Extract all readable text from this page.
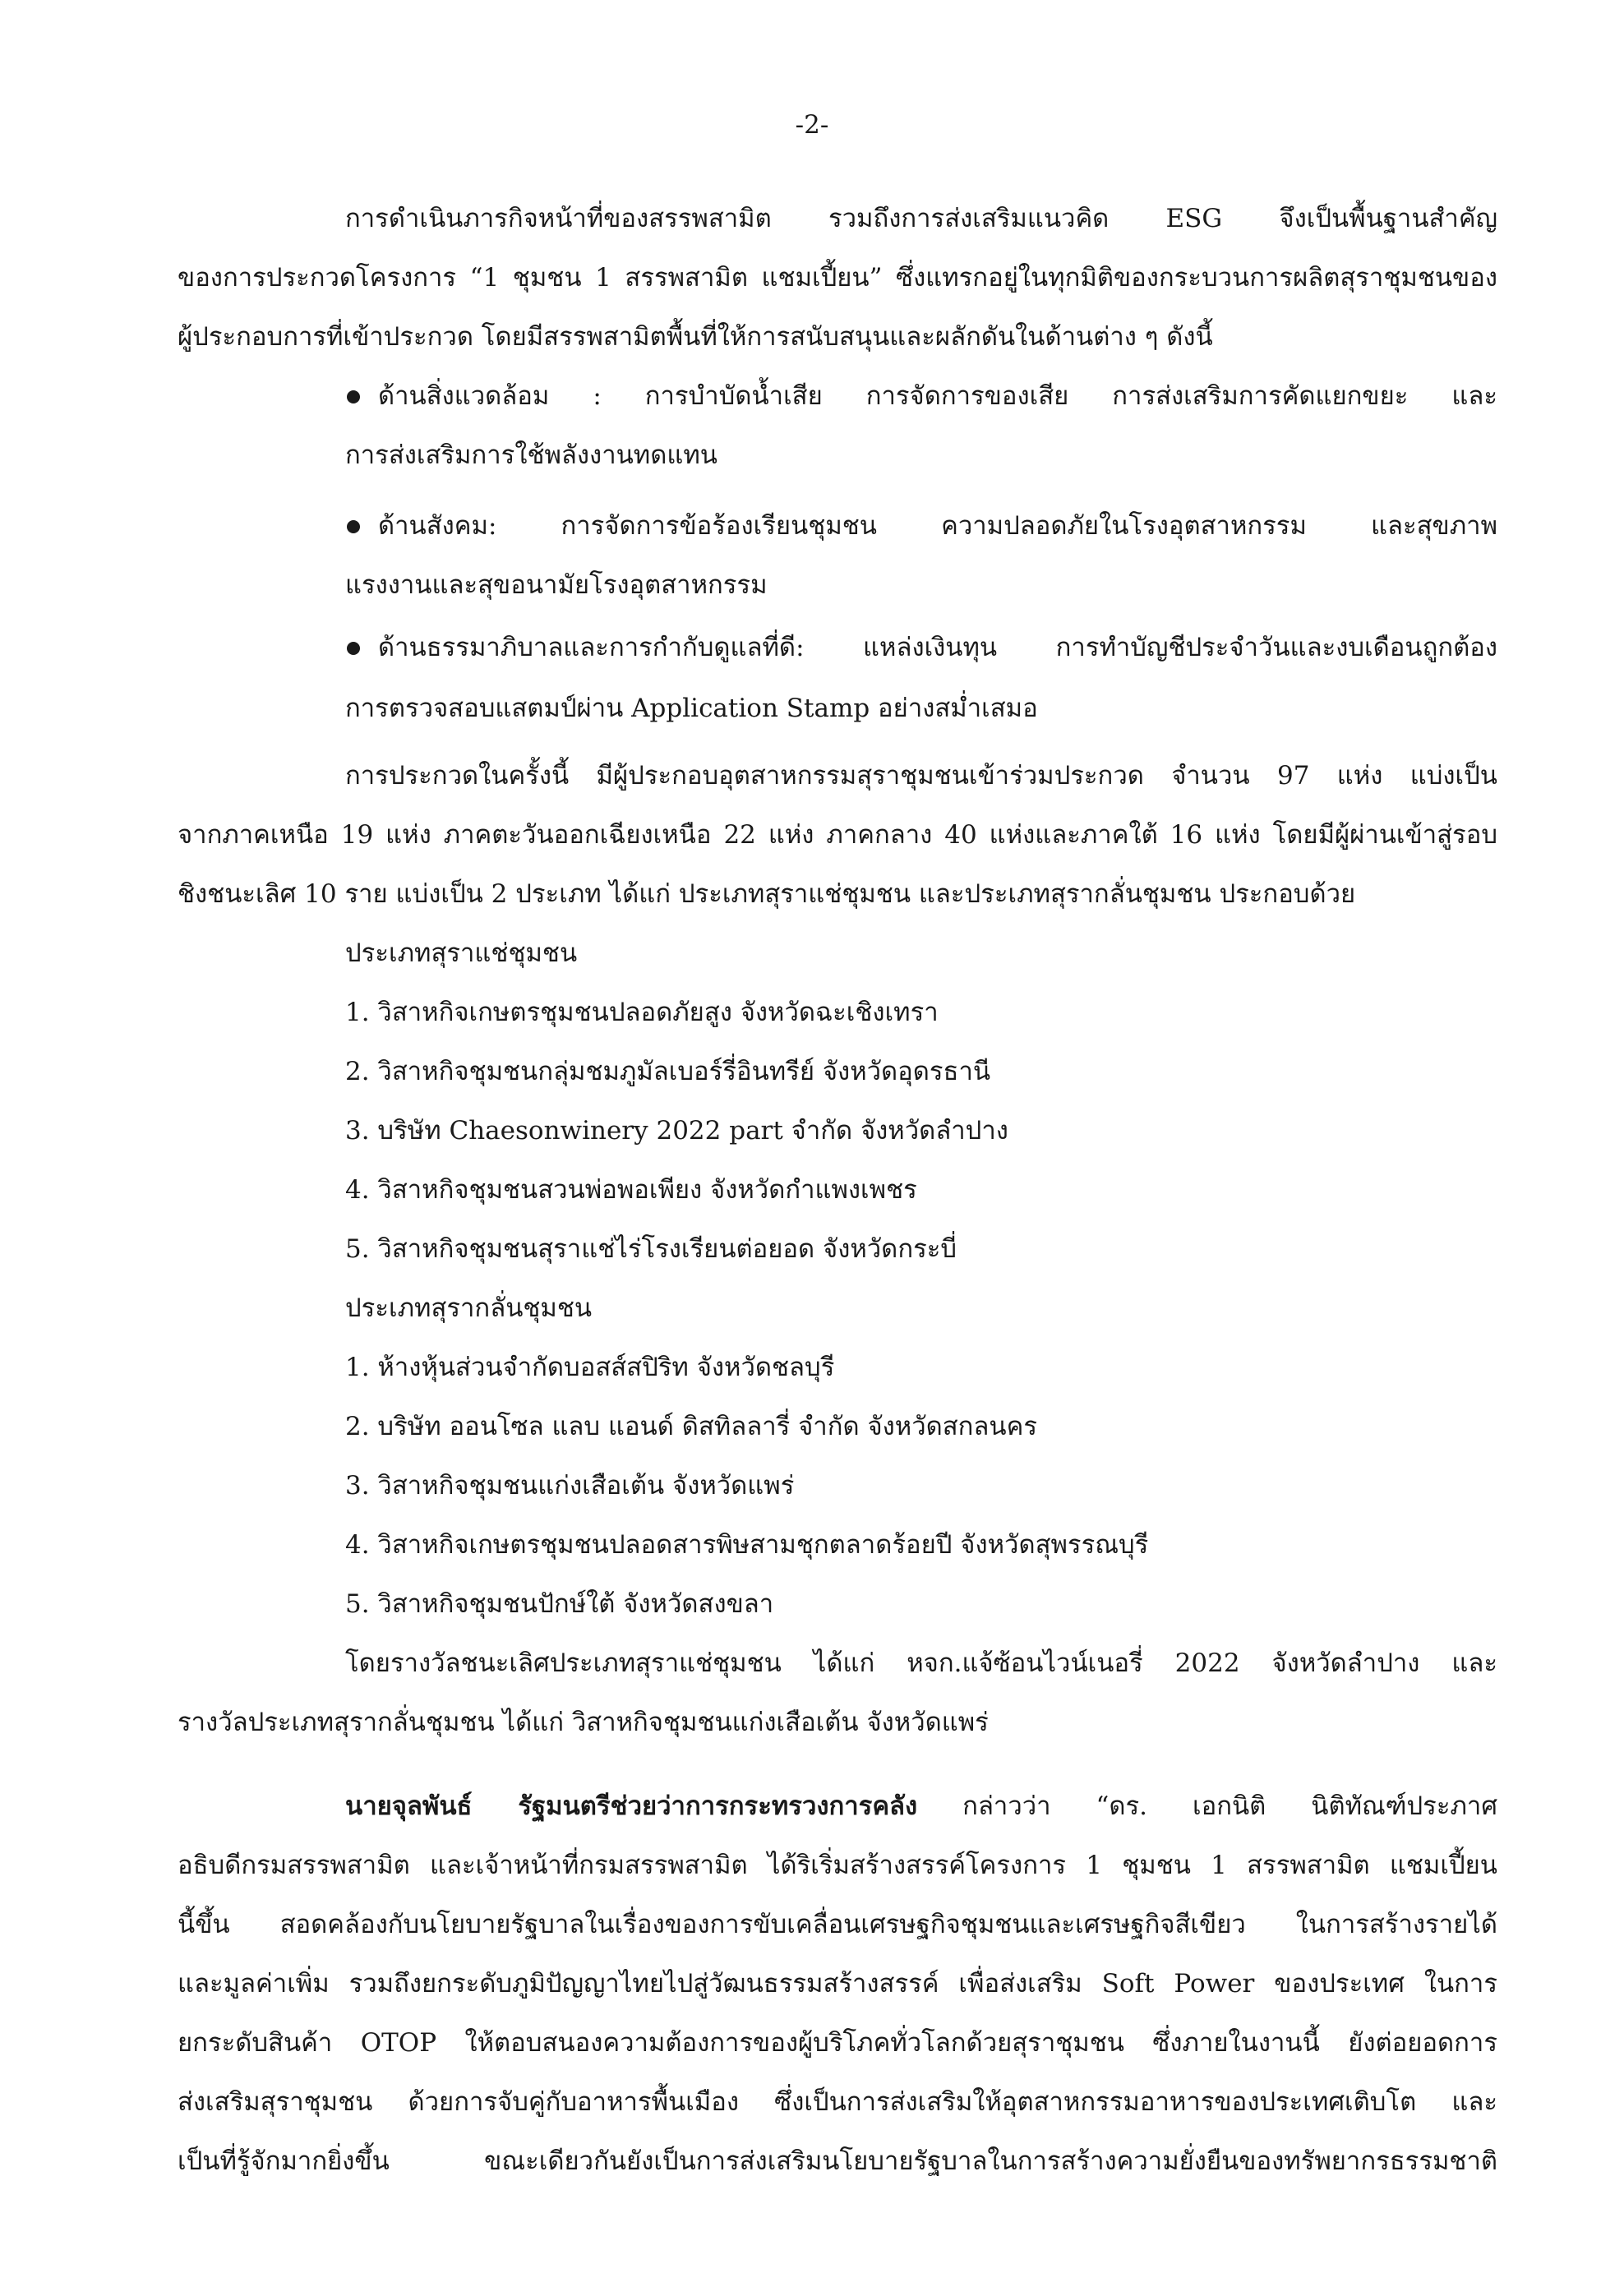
-2-
การดำเนินภารกิจหน้าที่ของสรรพสามิต รวมถึงการส่งเสริมแนวคิด ESG จึงเป็นพื้นฐานสำคัญ
ของการประกวดโครงการ “1 ชุมชน 1 สรรพสามิต แชมเปี้ยน” ซึ่งแทรกอยู่ในทุกมิติของกระบวนการผลิตสุราชุมชนของ
ผู้ประกอบการที่เข้าประกวด โดยมีสรรพสามิตพื้นที่ให้การสนับสนุนและผลักดันในด้านต่าง ๆ ดังนี้
ด้านสิ่งแวดล้อม : การบำบัดน้ำเสีย การจัดการของเสีย การส่งเสริมการคัดแยกขยะ และ
การส่งเสริมการใช้พลังงานทดแทน
ด้านสังคม: การจัดการข้อร้องเรียนชุมชน ความปลอดภัยในโรงอุตสาหกรรม และสุขภาพ
แรงงานและสุขอนามัยโรงอุตสาหกรรม
ด้านธรรมาภิบาลและการกำกับดูแลที่ดี: แหล่งเงินทุน การทำบัญชีประจำวันและงบเดือนถูกต้อง
การตรวจสอบแสตมป์ผ่าน Application Stamp อย่างสม่ำเสมอ
การประกวดในครั้งนี้ มีผู้ประกอบอุตสาหกรรมสุราชุมชนเข้าร่วมประกวด จำนวน 97 แห่ง แบ่งเป็น
จากภาคเหนือ 19 แห่ง ภาคตะวันออกเฉียงเหนือ 22 แห่ง ภาคกลาง 40 แห่งและภาคใต้ 16 แห่ง โดยมีผู้ผ่านเข้าสู่รอบ
ชิงชนะเลิศ 10 ราย แบ่งเป็น 2 ประเภท ได้แก่ ประเภทสุราแช่ชุมชน และประเภทสุรากลั่นชุมชน ประกอบด้วย
ประเภทสุราแช่ชุมชน
1. วิสาหกิจเกษตรชุมชนปลอดภัยสูง จังหวัดฉะเชิงเทรา
2. วิสาหกิจชุมชนกลุ่มชมภูมัลเบอร์รี่อินทรีย์ จังหวัดอุดรธานี
3. บริษัท Chaesonwinery 2022 part จำกัด จังหวัดลำปาง
4. วิสาหกิจชุมชนสวนพ่อพอเพียง จังหวัดกำแพงเพชร
5. วิสาหกิจชุมชนสุราแช่ไร่โรงเรียนต่อยอด จังหวัดกระบี่
ประเภทสุรากลั่นชุมชน
1. ห้างหุ้นส่วนจำกัดบอสส์สปิริท จังหวัดชลบุรี
2. บริษัท ออนโซล แลบ แอนด์ ดิสทิลลารี่ จำกัด จังหวัดสกลนคร
3. วิสาหกิจชุมชนแก่งเสือเต้น จังหวัดแพร่
4. วิสาหกิจเกษตรชุมชนปลอดสารพิษสามชุกตลาดร้อยปี จังหวัดสุพรรณบุรี
5. วิสาหกิจชุมชนปักษ์ใต้ จังหวัดสงขลา
โดยรางวัลชนะเลิศประเภทสุราแช่ชุมชน ได้แก่ หจก.แจ้ซ้อนไวน์เนอรี่ 2022 จังหวัดลำปาง และ
รางวัลประเภทสุรากลั่นชุมชน ได้แก่ วิสาหกิจชุมชนแก่งเสือเต้น จังหวัดแพร่
นายจุลพันธ์ รัฐมนตรีช่วยว่าการกระทรวงการคลัง กล่าวว่า “ดร. เอกนิติ นิติทัณฑ์ประภาศ
อธิบดีกรมสรรพสามิต และเจ้าหน้าที่กรมสรรพสามิต ได้ริเริ่มสร้างสรรค์โครงการ 1 ชุมชน 1 สรรพสามิต แชมเปี้ยน
นี้ขึ้น สอดคล้องกับนโยบายรัฐบาลในเรื่องของการขับเคลื่อนเศรษฐกิจชุมชนและเศรษฐกิจสีเขียว ในการสร้างรายได้
และมูลค่าเพิ่ม รวมถึงยกระดับภูมิปัญญาไทยไปสู่วัฒนธรรมสร้างสรรค์ เพื่อส่งเสริม Soft Power ของประเทศ ในการ
ยกระดับสินค้า OTOP ให้ตอบสนองความต้องการของผู้บริโภคทั่วโลกด้วยสุราชุมชน ซึ่งภายในงานนี้ ยังต่อยอดการ
ส่งเสริมสุราชุมชน ด้วยการจับคู่กับอาหารพื้นเมือง ซึ่งเป็นการส่งเสริมให้อุตสาหกรรมอาหารของประเทศเติบโต และ
เป็นที่รู้จักมากยิ่งขึ้น ขณะเดียวกันยังเป็นการส่งเสริมนโยบายรัฐบาลในการสร้างความยั่งยืนของทรัพยากรธรรมชาติ
